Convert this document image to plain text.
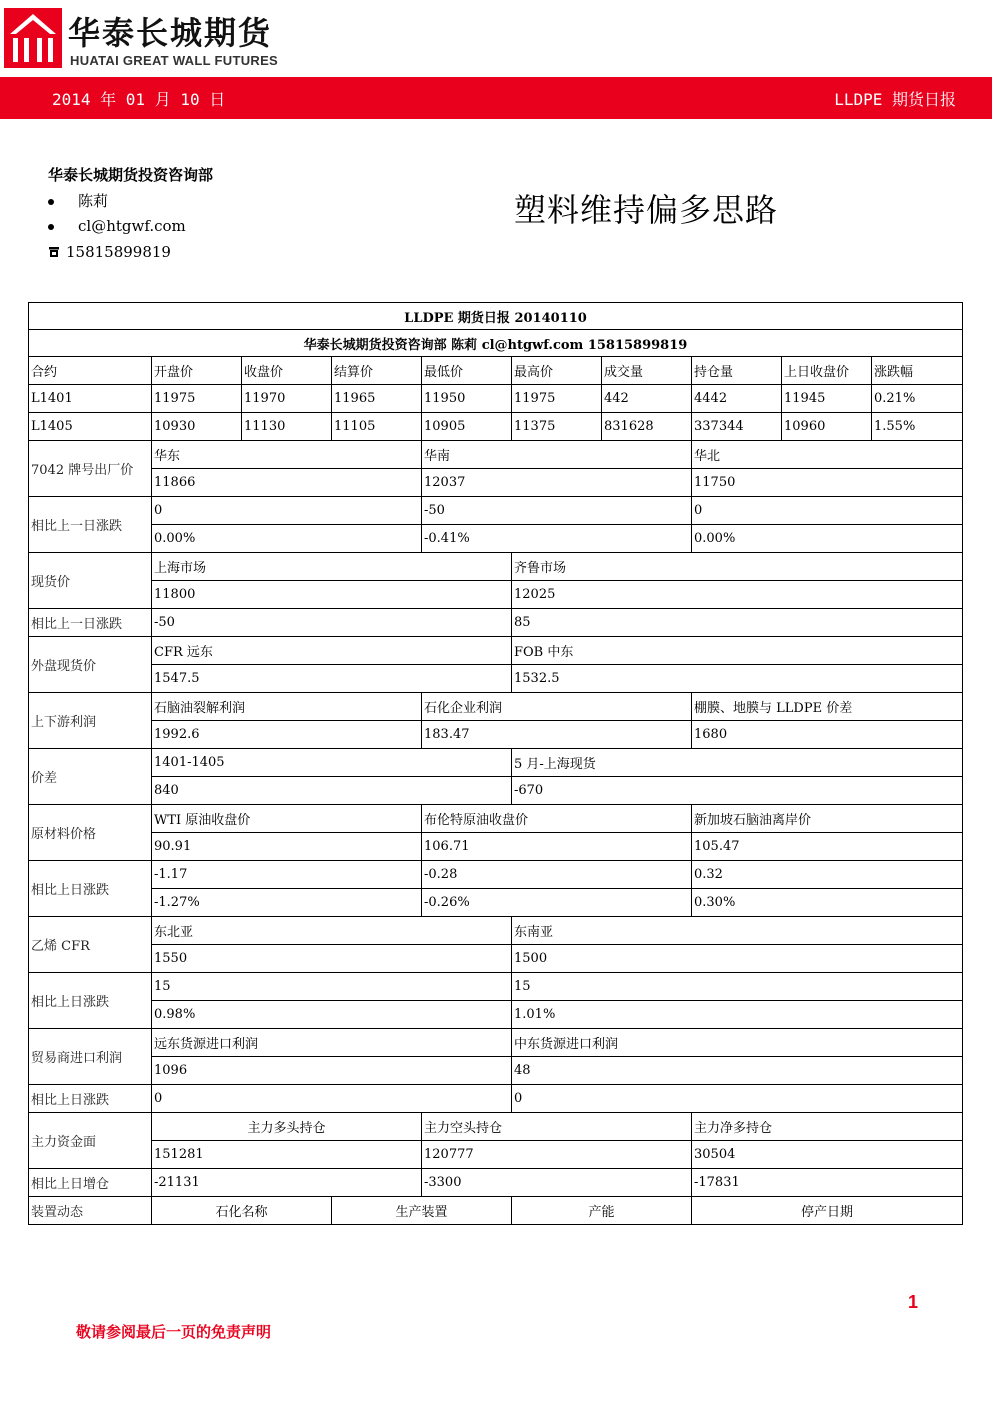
华泰长城期货
HUATAI GREAT WALL FUTURES
2014 年 01 月 10 日	LLDPE 期货日报
华泰长城期货投资咨询部
陈莉
cl@htgwf.com
15815899819
塑料维持偏多思路
LLDPE 期货日报 20140110									
华泰长城期货投资咨询部 陈莉 cl@htgwf.com 15815899819									
合约	开盘价	收盘价	结算价	最低价	最高价	成交量	持仓量	上日收盘价	涨跌幅
L1401	11975	11970	11965	11950	11975	442	4442	11945	0.21%
L1405	10930	11130	11105	10905	11375	831628	337344	10960	1.55%
7042 牌号出厂价	华东			华南			华北		
	11866			12037			11750		
相比上一日涨跌	0			-50			0		
	0.00%			-0.41%			0.00%		
现货价	上海市场				齐鲁市场				
	11800				12025				
相比上一日涨跌	-50				85				
外盘现货价	CFR 远东				FOB 中东				
	1547.5				1532.5				
上下游利润	石脑油裂解利润			石化企业利润			棚膜、地膜与 LLDPE 价差		
	1992.6			183.47			1680		
价差	1401-1405				5 月-上海现货				
	840				-670				
原材料价格	WTI 原油收盘价			布伦特原油收盘价			新加坡石脑油离岸价		
	90.91			106.71			105.47		
相比上日涨跌	-1.17			-0.28			0.32		
	-1.27%			-0.26%			0.30%		
乙烯 CFR	东北亚				东南亚				
	1550				1500				
相比上日涨跌	15				15				
	0.98%				1.01%				
贸易商进口利润	远东货源进口利润				中东货源进口利润				
	1096				48				
相比上日涨跌	0				0				
主力资金面	主力多头持仓			主力空头持仓			主力净多持仓		
	151281			120777			30504		
相比上日增仓	-21131			-3300			-17831		
装置动态	石化名称		生产装置		产能		停产日期		
1
敬请参阅最后一页的免责声明
